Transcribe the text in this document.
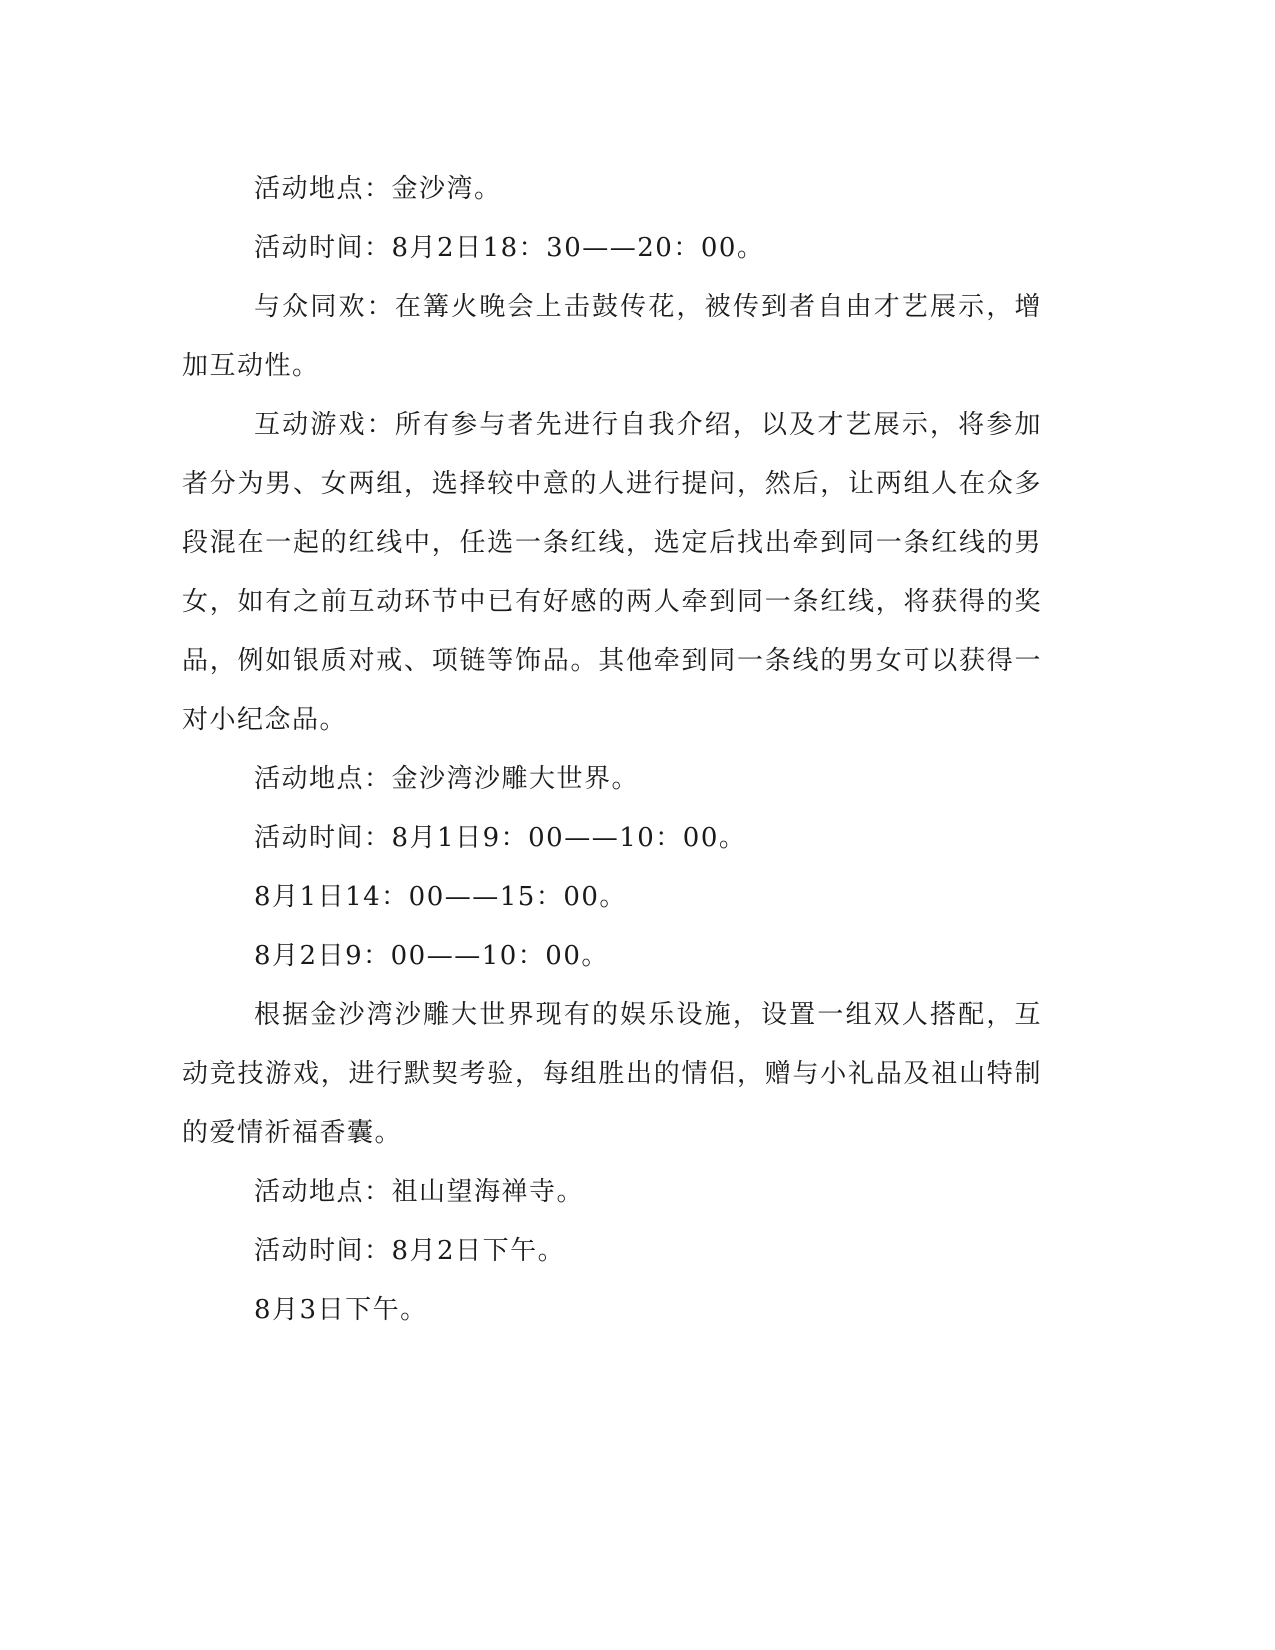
活动地点：金沙湾。

活动时间：8月2日18：30——20：00。

与众同欢：在篝火晚会上击鼓传花，被传到者自由才艺展示，增加互动性。

互动游戏：所有参与者先进行自我介绍，以及才艺展示，将参加者分为男、女两组，选择较中意的人进行提问，然后，让两组人在众多段混在一起的红线中，任选一条红线，选定后找出牵到同一条红线的男女，如有之前互动环节中已有好感的两人牵到同一条红线，将获得的奖品，例如银质对戒、项链等饰品。其他牵到同一条线的男女可以获得一对小纪念品。

活动地点：金沙湾沙雕大世界。

活动时间：8月1日9：00——10：00。

8月1日14：00——15：00。

8月2日9：00——10：00。

根据金沙湾沙雕大世界现有的娱乐设施，设置一组双人搭配，互动竞技游戏，进行默契考验，每组胜出的情侣，赠与小礼品及祖山特制的爱情祈福香囊。

活动地点：祖山望海禅寺。

活动时间：8月2日下午。

8月3日下午。
